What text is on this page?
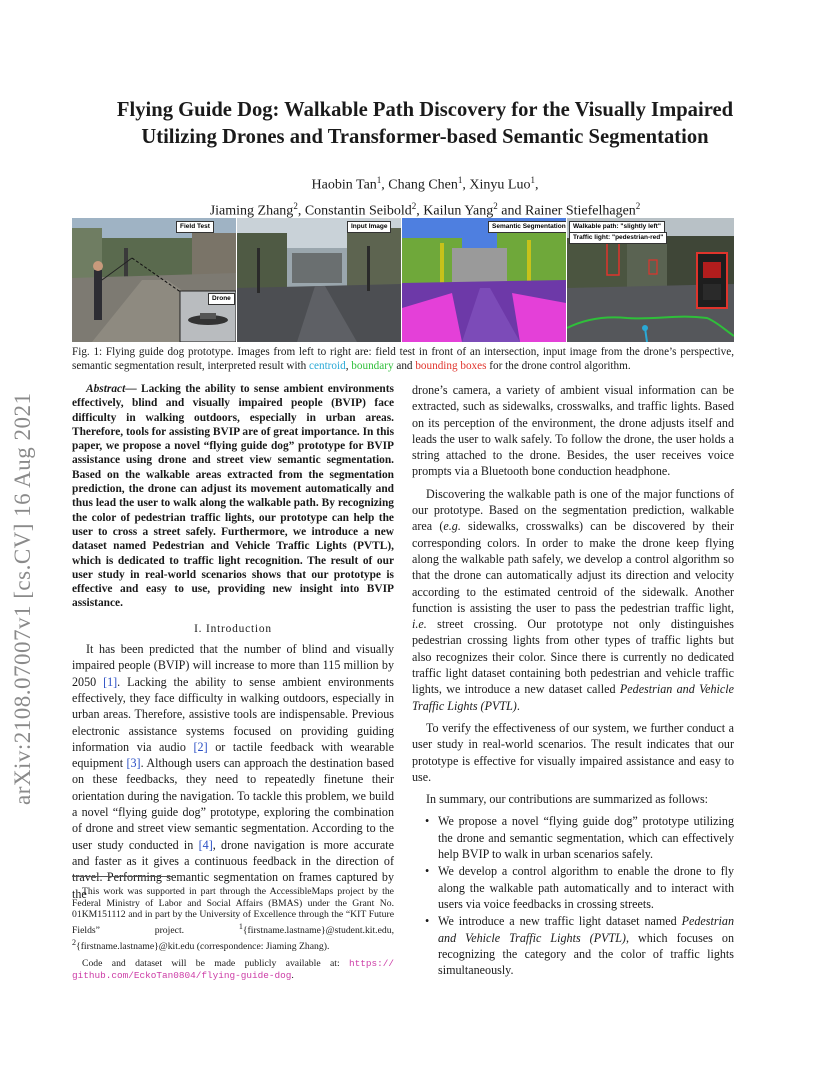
arXiv:2108.07007v1 [cs.CV] 16 Aug 2021
Flying Guide Dog: Walkable Path Discovery for the Visually Impaired
Utilizing Drones and Transformer-based Semantic Segmentation
Haobin Tan$^1$, Chang Chen$^1$, Xinyu Luo$^1$,
Jiaming Zhang$^2$, Constantin Seibold$^2$, Kailun Yang$^2$ and Rainer Stiefelhagen$^2$
Field Test
Drone
Input Image	Semantic Segmentation	Walkable path: "slightly left"
Traffic light: "pedestrian-red"
Fig. 1: Flying guide dog prototype. Images from left to right are: field test in front of an intersection, input image from the drone’s perspective, semantic segmentation result, interpreted result with centroid, boundary and bounding boxes for the drone control algorithm.

Abstract— Lacking the ability to sense ambient environments effectively, blind and visually impaired people (BVIP) face difficulty in walking outdoors, especially in urban areas. Therefore, tools for assisting BVIP are of great importance. In this paper, we propose a novel “flying guide dog” prototype for BVIP assistance using drone and street view semantic segmentation. Based on the walkable areas extracted from the segmentation prediction, the drone can adjust its movement automatically and thus lead the user to walk along the walkable path. By recognizing the color of pedestrian traffic lights, our prototype can help the user to cross a street safely. Furthermore, we introduce a new dataset named Pedestrian and Vehicle Traffic Lights (PVTL), which is dedicated to traffic light recognition. The result of our user study in real-world scenarios shows that our prototype is effective and easy to use, providing new insight into BVIP assistance.

I. Introduction

It has been predicted that the number of blind and visually impaired people (BVIP) will increase to more than 115 million by 2050 [1]. Lacking the ability to sense ambient environments effectively, they face difficulty in walking outdoors, especially in urban areas. Therefore, assistive tools are indispensable. Previous electronic assistance systems focused on providing guiding information via audio [2] or tactile feedback with wearable equipment [3]. Although users can approach the destination based on these feedbacks, they need to repeatedly finetune their orientation during the navigation. To tackle this problem, we build a novel “flying guide dog” prototype, exploring the combination of drone and street view semantic segmentation. According to the user study conducted in [4], drone navigation is more accurate and faster as it gives a continuous feedback in the direction of travel. Performing semantic segmentation on frames captured by the

This work was supported in part through the AccessibleMaps project by the Federal Ministry of Labor and Social Affairs (BMAS) under the Grant No. 01KM151112 and in part by the University of Excellence through the “KIT Future Fields” project. $^1${firstname.lastname}@student.kit.edu, $^2${firstname.lastname}@kit.edu (correspondence: Jiaming Zhang).

Code and dataset will be made publicly available at: https:// github.com/EckoTan0804/flying-guide-dog.

drone’s camera, a variety of ambient visual information can be extracted, such as sidewalks, crosswalks, and traffic lights. Based on its perception of the environment, the drone adjusts itself and leads the user to walk safely. To follow the drone, the user holds a string attached to the drone. Besides, the user receives voice prompts via a Bluetooth bone conduction headphone.

Discovering the walkable path is one of the major functions of our prototype. Based on the segmentation prediction, walkable area (e.g. sidewalks, crosswalks) can be discovered by their corresponding colors. In order to make the drone keep flying along the walkable path safely, we develop a control algorithm so that the drone can automatically adjust its direction and velocity according to the estimated centroid of the sidewalk. Another function is assisting the user to pass the pedestrian traffic light, i.e. street crossing. Our prototype not only distinguishes pedestrian crossing lights from other types of traffic lights but also recognizes their color. Since there is currently no dedicated traffic light dataset containing both pedestrian and vehicle traffic lights, we introduce a new dataset called Pedestrian and Vehicle Traffic Lights (PVTL).

To verify the effectiveness of our system, we further conduct a user study in real-world scenarios. The result indicates that our prototype is effective for visually impaired assistance and easy to use.

In summary, our contributions are summarized as follows:

• We propose a novel “flying guide dog” prototype utilizing the drone and semantic segmentation, which can effectively help BVIP to walk in urban scenarios safely.
• We develop a control algorithm to enable the drone to fly along the walkable path automatically and to interact with users via voice feedbacks in crossing streets.
• We introduce a new traffic light dataset named Pedestrian and Vehicle Traffic Lights (PVTL), which focuses on recognizing the category and the color of traffic lights simultaneously.
